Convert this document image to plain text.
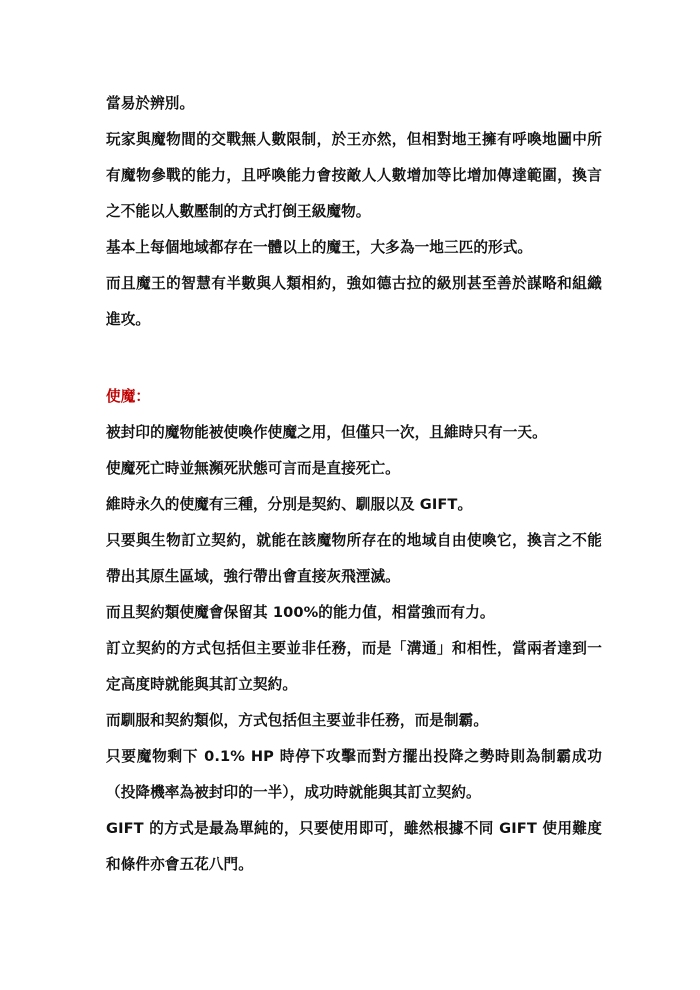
當易於辨別。

玩家與魔物間的交戰無人數限制，於王亦然，但相對地王擁有呼喚地圖中所有魔物參戰的能力，且呼喚能力會按敵人人數增加等比增加傳達範圍，換言之不能以人數壓制的方式打倒王級魔物。

基本上每個地域都存在一體以上的魔王，大多為一地三匹的形式。

而且魔王的智慧有半數與人類相約，強如德古拉的級別甚至善於謀略和組織進攻。

使魔：

被封印的魔物能被使喚作使魔之用，但僅只一次，且維時只有一天。

使魔死亡時並無瀕死狀態可言而是直接死亡。

維時永久的使魔有三種，分別是契約、馴服以及 GIFT。

只要與生物訂立契約，就能在該魔物所存在的地域自由使喚它，換言之不能帶出其原生區域，強行帶出會直接灰飛湮滅。

而且契約類使魔會保留其 100%的能力值，相當強而有力。

訂立契約的方式包括但主要並非任務，而是「溝通」和相性，當兩者達到一定高度時就能與其訂立契約。

而馴服和契約類似，方式包括但主要並非任務，而是制霸。

只要魔物剩下 0.1% HP 時停下攻擊而對方擺出投降之勢時則為制霸成功（投降機率為被封印的一半），成功時就能與其訂立契約。

GIFT 的方式是最為單純的，只要使用即可，雖然根據不同 GIFT 使用難度和條件亦會五花八門。
